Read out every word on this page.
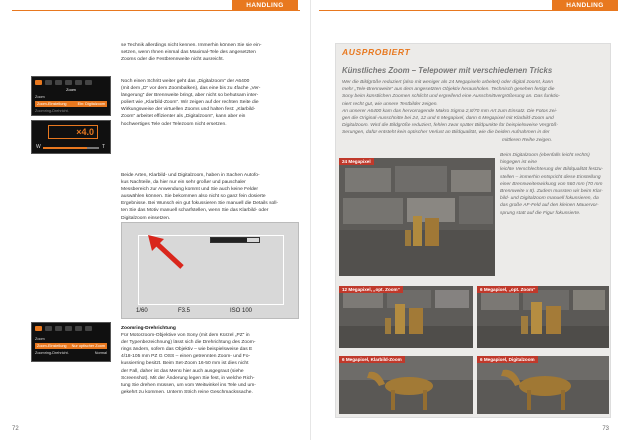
HANDLING
se Technik allerdings nicht kennen. Immerhin können Sie sie ein-
setzen, wenn Ihnen einmal das Maximal-Tele des angesetzten
Zooms oder die Festbrennweite nicht ausreicht.
Noch einen Schritt weiter geht das „Digitalzoom“ der A6400
(mit dem „D“ vor dem Zoombalken), das eine bis zu 4fache „Ver-
längerung“ der Brennweite bringt, aber nicht so behutsam inter-
poliert wie „Klarbild-Zoom“. Wir zeigen auf der rechten Seite die
Wirkungsweise der virtuellen Zooms und halten fest: „Klarbild-
Zoom“ arbeitet effizienter als „Digitalzoom“, kann aber ein
hochwertiges Tele oder Telezoom nicht ersetzen.
Beide Arten, Klarbild- und Digitalzoom, haben in Sachen Autofo-
kus Nachteile, da hier nur ein sehr großer und pauschaler
Messbereich zur Anwendung kommt und Sie auch keine Felder
auswählen können. Sie bekommen also nicht so ganz fein dosierte
Ergebnisse. Bei Wunsch ein gut fokussieren Sie manuell die Details soll-
ten Sie das Motiv manuell scharfstellen, wenn Sie das Klarbild- oder
Digitalzoom einsetzen.
Zoomring-Drehrichtung
Für Motorzoom-Objektive von Sony (mit dem Kürzel „PZ“ in
der Typenbezeichnung) lässt sich die Drehrichtung des Zoom-
rings ändern, sofern das Objektiv – wie beispielsweise das E
4/18-105 mm PZ G OSS – einen getrennten Zoom- und Fo-
kussierring besitzt. Beim Set-Zoom 16-50 mm ist dies nicht
der Fall, daher ist das Menü hier auch ausgegraut (siehe
Screenshot). Mit der Änderung legen Sie fest, in welche Rich-
tung Sie drehen müssen, um vom Weitwinkel ins Tele und um-
gekehrt zu kommen. Unterm Strich reine Geschmackssache.
Zoom
Zoom
Zoom-Einstellung	Ein: Digitalzoom
Zoomring-Drehricht.
×4.0
W	T
1/60	F3.5	ISO 100
Zoom
Zoom-Einstellung Nur optischer Zoom
Zoomring-Drehricht.	Normal
72
HANDLING
AUSPROBIERT
Künstliches Zoom – Telepower mit verschiedenen Tricks
Wer die Bildgröße reduziert (also mit weniger als 24 Megapixeln arbeitet) oder digital zoomt, kann
mehr „Tele-Brennweite“ aus dem angesetzten Objektiv herausholen. Technisch gesehen fertigt die
Sony beim künstlichen Zoomen schlicht und ergreifend eine Ausschnittvergrößerung an. Das funktio-
niert recht gut, wie unsere Testbilder zeigen.
An unserer A6400 kam das hervorragende Makro Sigma 2,8/70 mm Art zum Einsatz. Die Fotos zei-
gen die Original-Ausschnitte bei 24, 12 und 6 Megapixel, dann 6 Megapixel mit Klarbild-Zoom und
Digitalzoom. Wird die Bildgröße reduziert, fehlen zwar später Bildpunkte für beispielsweise Vergröß-
Serungen, dafür entsteht kein optischer Verlust an Bildqualität, wie die beiden Aufnahmen in der
mittleren Reihe zeigen.
Beim Digitalzoom (ebenfalls leicht rechts) hingegen ist eine
leichte Verschlechterung der Bildqualität festzu-
stellen – immerhin entspricht diese Einstellung
einer Brennweitenwirkung von 560 mm (70 mm
Brennweite x 8). Zudem mussten wir beim Klar-
bild- und Digitalzoom manuell fokussieren, da
das große AF-Feld auf den kleinen Mauervor-
sprung statt auf die Figur fokussierte.
24 Megapixel
12 Megapixel, „opt. Zoom“	6 Megapixel, „opt. Zoom“
6 Megapixel, Klarbild-Zoom	6 Megapixel, Digitalzoom
73
